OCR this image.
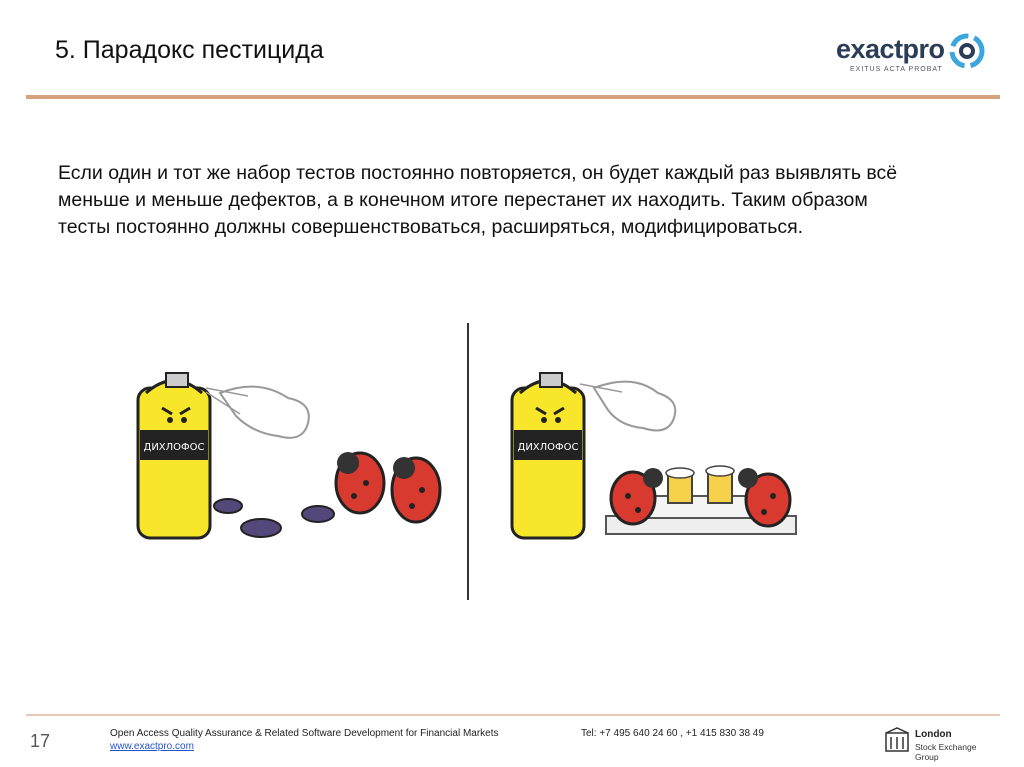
5. Парадокс пестицида	exactpro
EXITUS ACTA PROBAT
Если один и тот же набор тестов постоянно повторяется, он будет каждый раз выявлять всё меньше и меньше дефектов, а в конечном итоге перестанет их находить. Таким образом тесты постоянно должны совершенствоваться, расширяться, модифицироваться.
ДИХЛОФОС	ДИХЛОФОС
17	Open Access Quality Assurance & Related Software Development for Financial Markets
www.exactpro.com
Tel: +7 495 640 24 60 , +1 415 830 38 49	London
Stock Exchange Group
